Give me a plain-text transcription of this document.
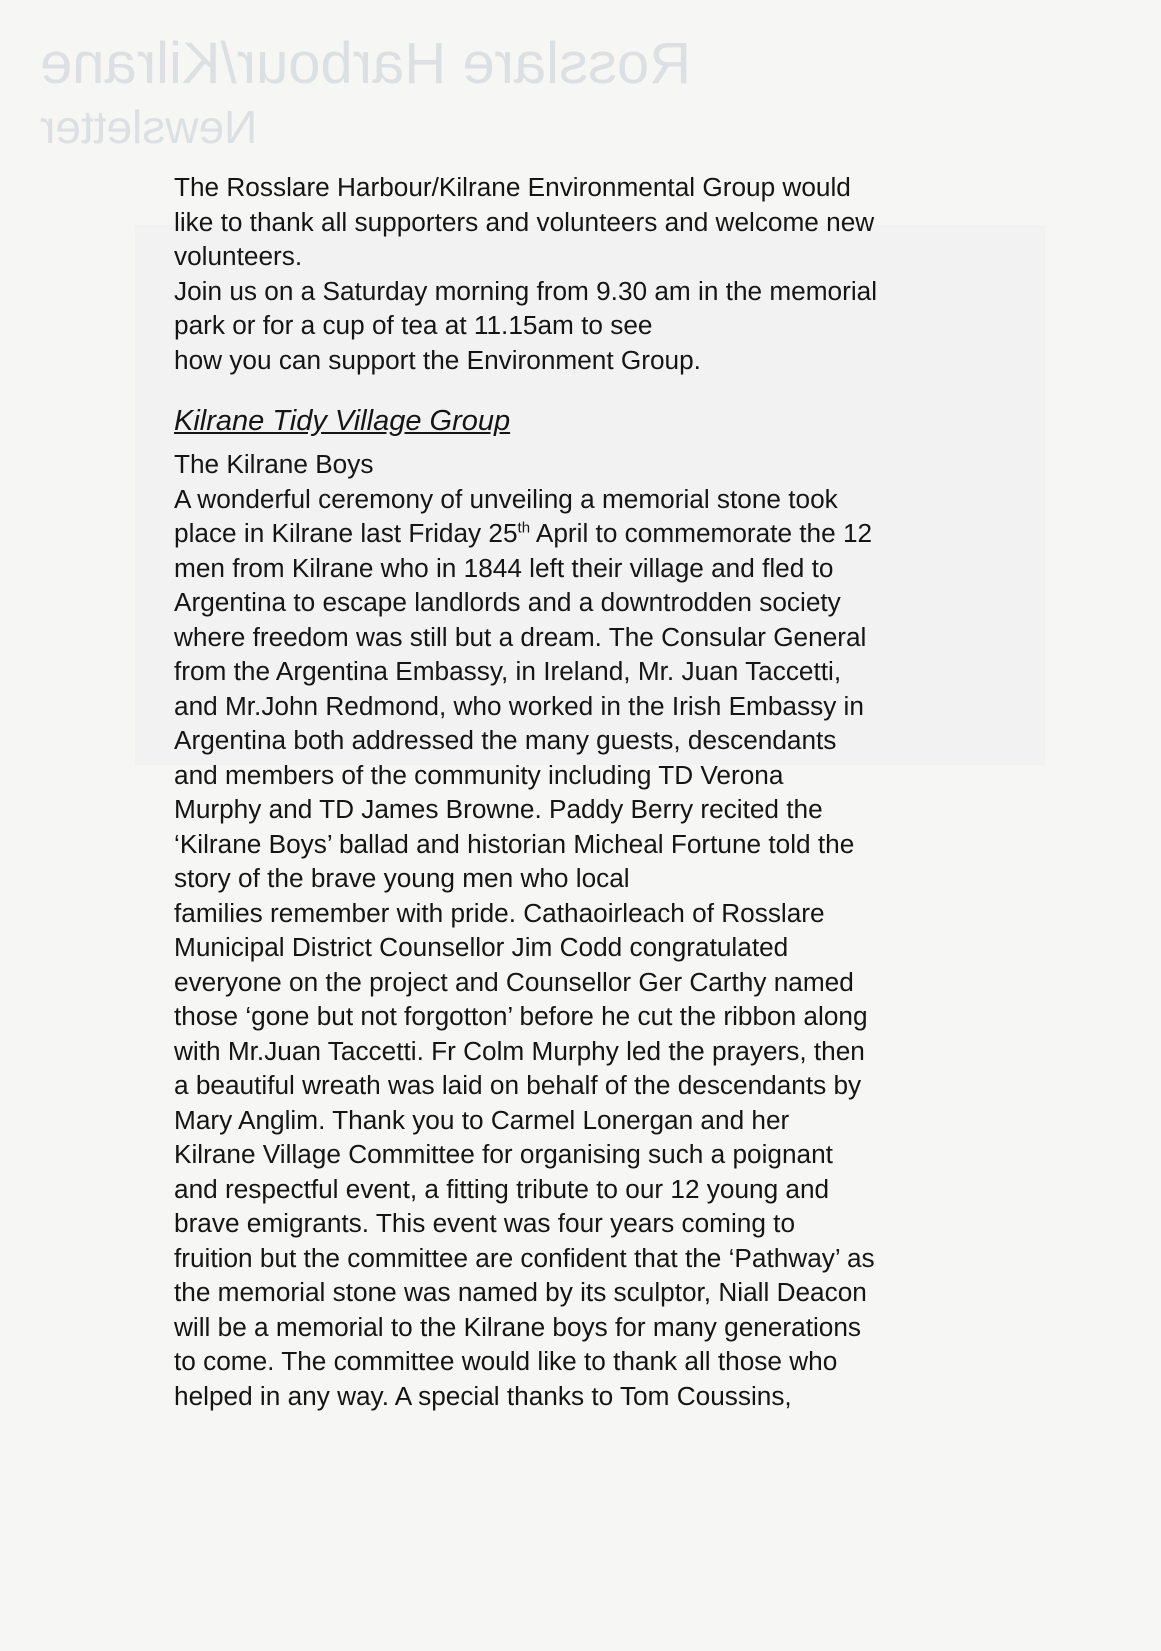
Rosslare Harbour/Kilrane
Newsletter

The Rosslare Harbour/Kilrane Environmental Group would
like to thank all supporters and volunteers and welcome new
volunteers.

Join us on a Saturday morning from 9.30 am in the memorial
park or for a cup of tea at 11.15am to see
how you can support the Environment Group.

Kilrane Tidy Village Group

The Kilrane Boys

A wonderful ceremony of unveiling a memorial stone took
place in Kilrane last Friday 25th April to commemorate the 12
men from Kilrane who in 1844 left their village and fled to
Argentina to escape landlords and a downtrodden society
where freedom was still but a dream. The Consular General
from the Argentina Embassy, in Ireland, Mr. Juan Taccetti,
and Mr.John Redmond, who worked in the Irish Embassy in
Argentina both addressed the many guests, descendants
and members of the community including TD Verona
Murphy and TD James Browne. Paddy Berry recited the
‘Kilrane Boys’ ballad and historian Micheal Fortune told the
story of the brave young men who local
families remember with pride. Cathaoirleach of Rosslare
Municipal District Counsellor Jim Codd congratulated
everyone on the project and Counsellor Ger Carthy named
those ‘gone but not forgotton’ before he cut the ribbon along
with Mr.Juan Taccetti. Fr Colm Murphy led the prayers, then
a beautiful wreath was laid on behalf of the descendants by
Mary Anglim. Thank you to Carmel Lonergan and her
Kilrane Village Committee for organising such a poignant
and respectful event, a fitting tribute to our 12 young and
brave emigrants. This event was four years coming to
fruition but the committee are confident that the ‘Pathway’ as
the memorial stone was named by its sculptor, Niall Deacon
will be a memorial to the Kilrane boys for many generations
to come. The committee would like to thank all those who
helped in any way. A special thanks to Tom Coussins,
